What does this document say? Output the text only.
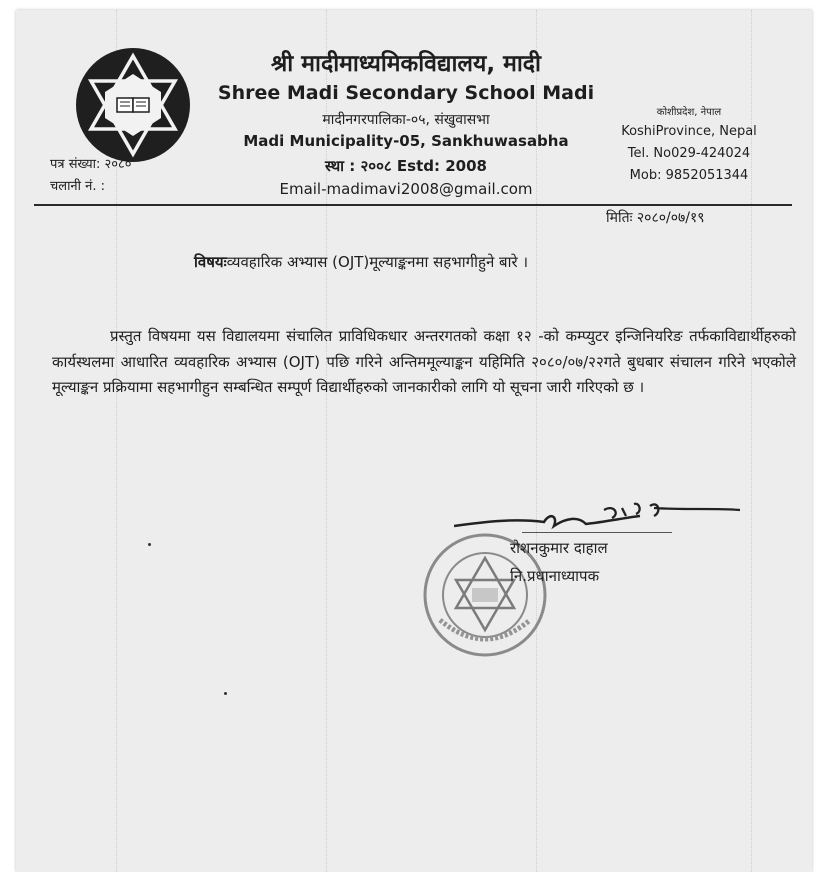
श्री मादीमाध्यमिकविद्यालय, मादी
Shree Madi Secondary School Madi
मादीनगरपालिका-०५, संखुवासभा
Madi Municipality-05, Sankhuwasabha
स्था : २००८ Estd: 2008
Email-madimavi2008@gmail.com
कोशीप्रदेश, नेपाल
KoshiProvince, Nepal
Tel. No029-424024
Mob: 9852051344
पत्र संख्या: २०८०
चलानी नं. :
मितिः २०८०/०७/१९
विषयःव्यवहारिक अभ्यास (OJT)मूल्याङ्कनमा सहभागीहुने बारे ।
प्रस्तुत विषयमा यस विद्यालयमा संचालित प्राविधिकधार अन्तरगतको कक्षा १२ -को कम्प्युटर इन्जिनियरिङ तर्फकाविद्यार्थीहरुको कार्यस्थलमा आधारित व्यवहारिक अभ्यास (OJT) पछि गरिने अन्तिममूल्याङ्कन यहिमिति २०८०/०७/२२गते बुधबार संचालन गरिने भएकोले मूल्याङ्कन प्रक्रियामा सहभागीहुन सम्बन्धित सम्पूर्ण विद्यार्थीहरुको जानकारीको लागि यो सूचना जारी गरिएको छ ।
रोशनकुमार दाहाल
नि.प्रधानाध्यापक
